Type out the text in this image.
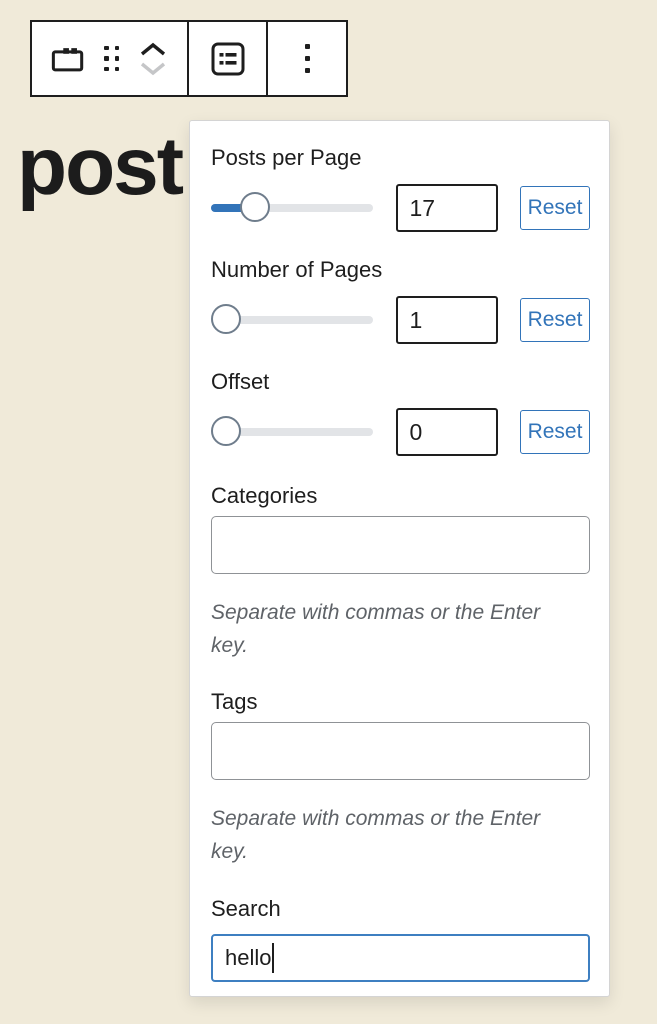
post Posts per Page
17
Reset
Number of Pages
1
Reset
Offset
0
Reset
Categories
Separate with commas or the Enter
key.
Tags
Separate with commas or the Enter
key.
Search
hello
